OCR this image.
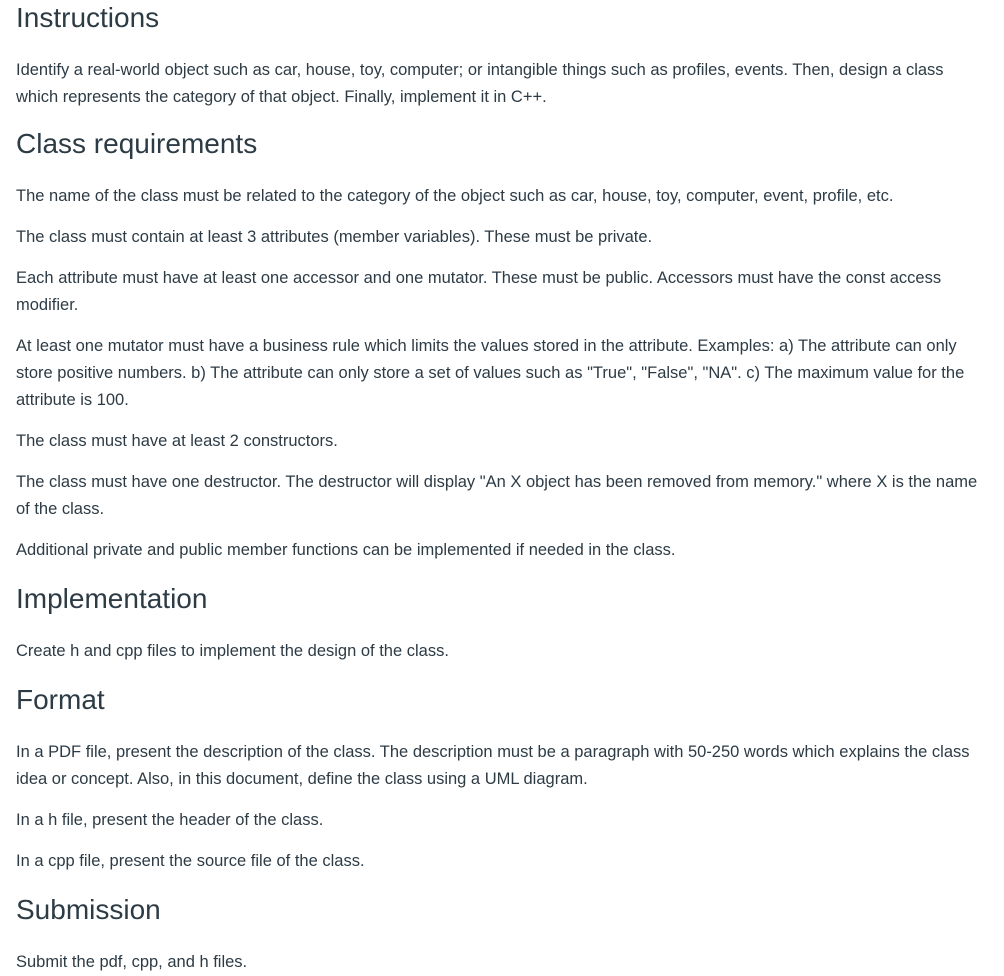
Instructions

Identify a real-world object such as car, house, toy, computer; or intangible things such as profiles, events. Then, design a class which represents the category of that object. Finally, implement it in C++.

Class requirements

The name of the class must be related to the category of the object such as car, house, toy, computer, event, profile, etc.

The class must contain at least 3 attributes (member variables). These must be private.

Each attribute must have at least one accessor and one mutator. These must be public. Accessors must have the const access modifier.

At least one mutator must have a business rule which limits the values stored in the attribute. Examples: a) The attribute can only store positive numbers. b) The attribute can only store a set of values such as "True", "False", "NA". c) The maximum value for the attribute is 100.

The class must have at least 2 constructors.

The class must have one destructor. The destructor will display "An X object has been removed from memory." where X is the name of the class.

Additional private and public member functions can be implemented if needed in the class.

Implementation

Create h and cpp files to implement the design of the class.

Format

In a PDF file, present the description of the class. The description must be a paragraph with 50-250 words which explains the class idea or concept. Also, in this document, define the class using a UML diagram.

In a h file, present the header of the class.

In a cpp file, present the source file of the class.

Submission

Submit the pdf, cpp, and h files.
